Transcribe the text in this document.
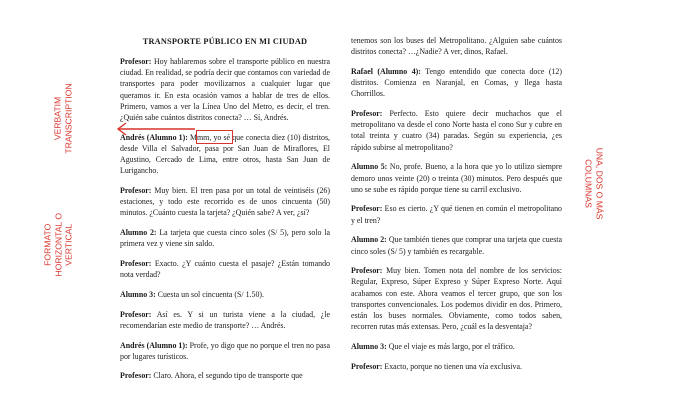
TRANSPORTE PÚBLICO EN MI CIUDAD
Profesor: Hoy hablaremos sobre el transporte público en nuestra ciudad. En realidad, se podría decir que contamos con variedad de transportes para poder movilizarnos a cualquier lugar que queramos ir. En esta ocasión vamos a hablar de tres de ellos. Primero, vamos a ver la Línea Uno del Metro, es decir, el tren. ¿Quién sabe cuántos distritos conecta? … Sí, Andrés.
Andrés (Alumno 1): Mmm, yo sé que conecta diez (10) distritos, desde Villa el Salvador, pasa por San Juan de Miraflores, El Agustino, Cercado de Lima, entre otros, hasta San Juan de Lurigancho.
Profesor: Muy bien. El tren pasa por un total de veintiséis (26) estaciones, y todo este recorrido es de unos cincuenta (50) minutos. ¿Cuánto cuesta la tarjeta? ¿Quién sabe? A ver, ¿sí?
Alumno 2: La tarjeta que cuesta cinco soles (S/ 5), pero solo la primera vez y viene sin saldo.
Profesor: Exacto. ¿Y cuánto cuesta el pasaje? ¿Están tomando nota verdad?
Alumno 3: Cuesta un sol cincuenta (S/ 1.50).
Profesor: Así es. Y si un turista viene a la ciudad, ¿le recomendarían este medio de transporte? … Andrés.
Andrés (Alumno 1): Profe, yo digo que no porque el tren no pasa por lugares turísticos.
Profesor: Claro. Ahora, el segundo tipo de transporte que
tenemos son los buses del Metropolitano. ¿Alguien sabe cuántos distritos conecta? …¿Nadie? A ver, dinos, Rafael.
Rafael (Alumno 4): Tengo entendido que conecta doce (12) distritos. Comienza en Naranjal, en Comas, y llega hasta Chorrillos.
Profesor: Perfecto. Esto quiere decir muchachos que el metropolitano va desde el cono Norte hasta el cono Sur y cubre en total treinta y cuatro (34) paradas. Según su experiencia, ¿es rápido subirse al metropolitano?
Alumno 5: No, profe. Bueno, a la hora que yo lo utilizo siempre demoro unos veinte (20) o treinta (30) minutos. Pero después que uno se sube es rápido porque tiene su carril exclusivo.
Profesor: Eso es cierto. ¿Y qué tienen en común el metropolitano y el tren?
Alumno 2: Que también tienes que comprar una tarjeta que cuesta cinco soles (S/ 5) y también es recargable.
Profesor: Muy bien. Tomen nota del nombre de los servicios: Regular, Expreso, Súper Expreso y Súper Expreso Norte. Aquí acabamos con este. Ahora veamos el tercer grupo, que son los transportes convencionales. Los podemos dividir en dos. Primero, están los buses normales. Obviamente, como todos saben, recorren rutas más extensas. Pero, ¿cuál es la desventaja?
Alumno 3: Que el viaje es más largo, por el tráfico.
Profesor: Exacto, porque no tienen una vía exclusiva.
VERBATIM TRANSCRIPTION
FORMATO HORIZONTAL O VERTICAL
UNA, DOS O MÁS
COLUMNAS
